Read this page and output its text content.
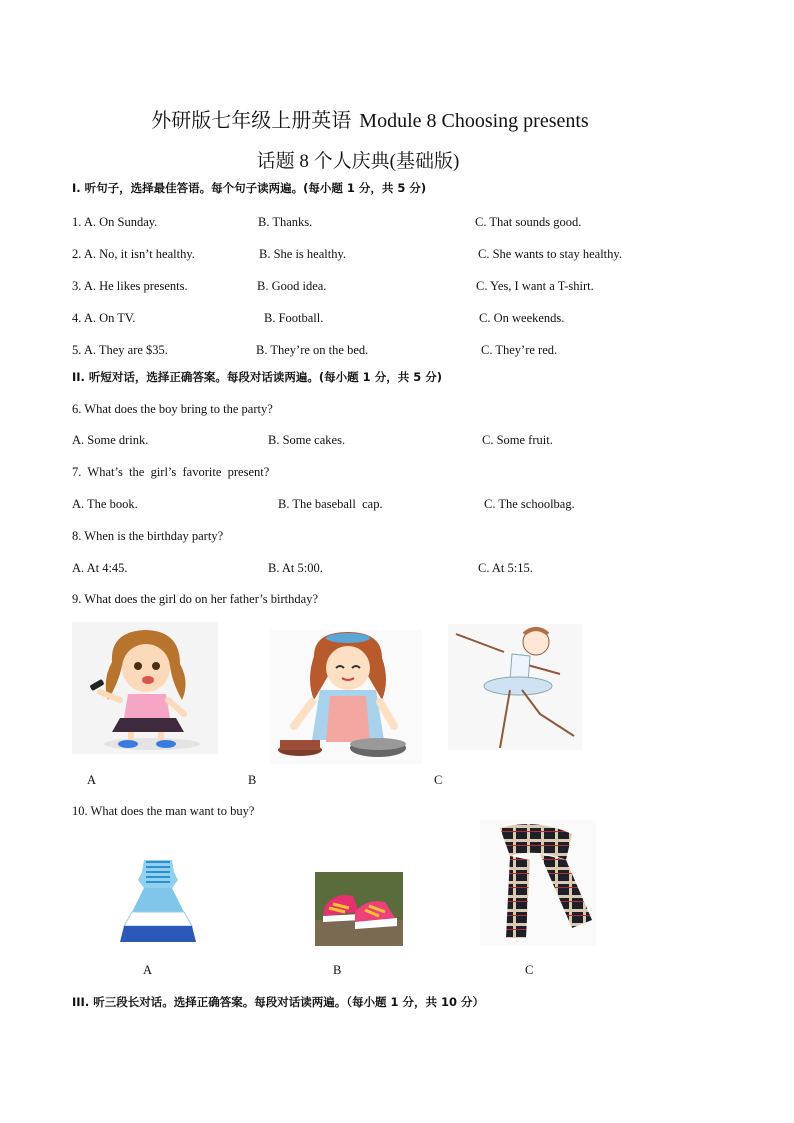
外研版七年级上册英语 Module 8 Choosing presents
话题 8 个人庆典(基础版)
I. 听句子，选择最佳答语。每个句子读两遍。(每小题 1 分，共 5 分)
1. A. On Sunday.	B. Thanks.	C. That sounds good.
2. A. No, it isn’t healthy.	B. She is healthy.	C. She wants to stay healthy.
3. A. He likes presents.	B. Good idea.	C. Yes, I want a T-shirt.
4. A. On TV.	B. Football.	C. On weekends.
5. A. They are $35.	B. They’re on the bed.	C. They’re red.
II. 听短对话，选择正确答案。每段对话读两遍。(每小题 1 分，共 5 分)
6. What does the boy bring to the party?
A. Some drink.	B. Some cakes.	C. Some fruit.
7.  What’s  the  girl’s  favorite  present?
A. The book.	B. The baseball  cap.	C. The schoolbag.
8. When is the birthday party?
A. At 4:45.	B. At 5:00.	C. At 5:15.
9. What does the girl do on her father’s birthday?
A	B	C
10. What does the man want to buy?
A	B	C
III. 听三段长对话。选择正确答案。每段对话读两遍。（每小题 1 分，共 10 分）
